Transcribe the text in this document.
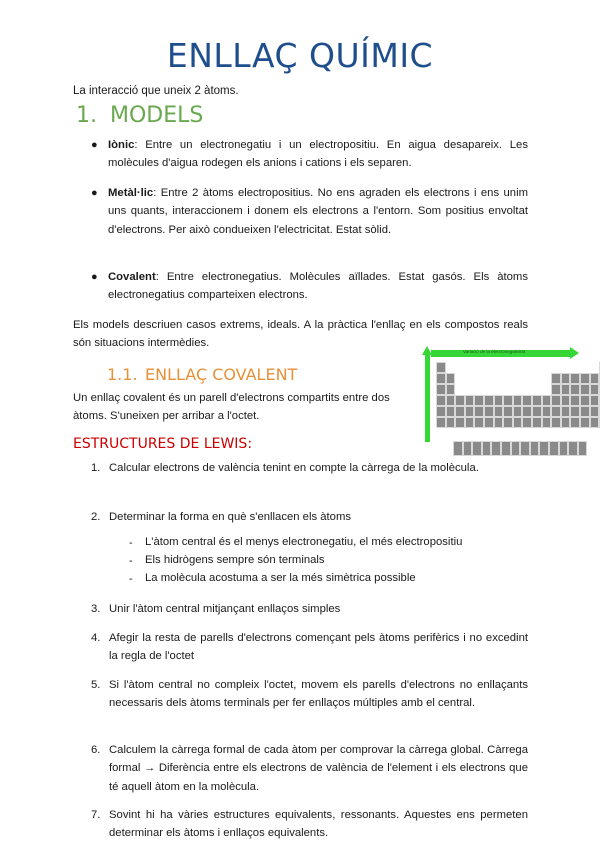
ENLLAÇ QUÍMIC
La interacció que uneix 2 àtoms.
1. MODELS
● Iònic: Entre un electronegatiu i un electropositiu. En aigua desapareix. Les molècules d'aigua rodegen els anions i cations i els separen.
● Metàl·lic: Entre 2 àtoms electropositius. No ens agraden els electrons i ens unim uns quants, interaccionem i donem els electrons a l'entorn. Som positius envoltat d'electrons. Per això condueixen l'electricitat. Estat sòlid.
● Covalent: Entre electronegatius. Molècules aïllades. Estat gasós. Els àtoms electronegatius comparteixen electrons.
Els models descriuen casos extrems, ideals. A la pràctica l'enllaç en els compostos reals són situacions intermèdies.
1.1. ENLLAÇ COVALENT
Un enllaç covalent és un parell d'electrons compartits entre dos àtoms. S'uneixen per arribar a l'octet.
Variació de la electronegativitat
ESTRUCTURES DE LEWIS:
1. Calcular electrons de valència tenint en compte la càrrega de la molècula.
2. Determinar la forma en què s'enllacen els àtoms
- L'àtom central és el menys electronegatiu, el més electropositiu
- Els hidrògens sempre són terminals
- La molècula acostuma a ser la més simètrica possible
3. Unir l'àtom central mitjançant enllaços simples
4. Afegir la resta de parells d'electrons començant pels àtoms perifèrics i no excedint la regla de l'octet
5. Si l'àtom central no compleix l'octet, movem els parells d'electrons no enllaçants necessaris dels àtoms terminals per fer enllaços múltiples amb el central.
6. Calculem la càrrega formal de cada àtom per comprovar la càrrega global. Càrrega formal → Diferència entre els electrons de valència de l'element i els electrons que té aquell àtom en la molècula.
7. Sovint hi ha vàries estructures equivalents, ressonants. Aquestes ens permeten determinar els àtoms i enllaços equivalents.
